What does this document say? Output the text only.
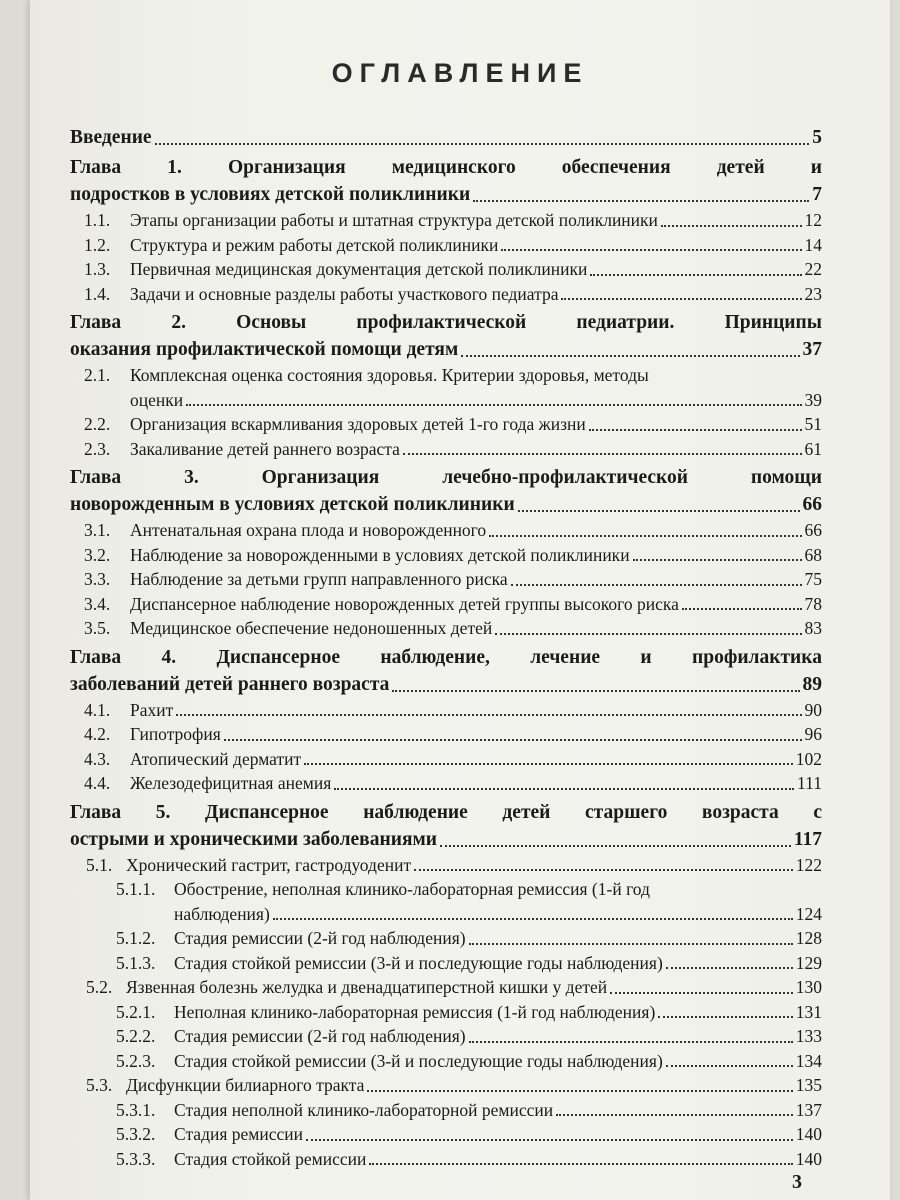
ОГЛАВЛЕНИЕ
Введение	5
Глава 1. Организация медицинского обеспечения детей и
подростков в условиях детской поликлиники	7
1.1. Этапы организации работы и штатная структура детской поликлиники	12
1.2. Структура и режим работы детской поликлиники	14
1.3. Первичная медицинская документация детской поликлиники	22
1.4. Задачи и основные разделы работы участкового педиатра	23
Глава 2. Основы профилактической педиатрии. Принципы
оказания профилактической помощи детям	37
2.1. Комплексная оценка состояния здоровья. Критерии здоровья, методы
оценки	39
2.2. Организация вскармливания здоровых детей 1-го года жизни	51
2.3. Закаливание детей раннего возраста	61
Глава 3. Организация лечебно-профилактической помощи
новорожденным в условиях детской поликлиники	66
3.1. Антенатальная охрана плода и новорожденного	66
3.2. Наблюдение за новорожденными в условиях детской поликлиники	68
3.3. Наблюдение за детьми групп направленного риска	75
3.4. Диспансерное наблюдение новорожденных детей группы высокого риска	78
3.5. Медицинское обеспечение недоношенных детей	83
Глава 4. Диспансерное наблюдение, лечение и профилактика
заболеваний детей раннего возраста	89
4.1. Рахит	90
4.2. Гипотрофия	96
4.3. Атопический дерматит	102
4.4. Железодефицитная анемия	111
Глава 5. Диспансерное наблюдение детей старшего возраста с
острыми и хроническими заболеваниями	117
5.1. Хронический гастрит, гастродуоденит	122
5.1.1. Обострение, неполная клинико-лабораторная ремиссия (1-й год
наблюдения)	124
5.1.2. Стадия ремиссии (2-й год наблюдения)	128
5.1.3. Стадия стойкой ремиссии (3-й и последующие годы наблюдения)	129
5.2. Язвенная болезнь желудка и двенадцатиперстной кишки у детей	130
5.2.1. Неполная клинико-лабораторная ремиссия (1-й год наблюдения)	131
5.2.2. Стадия ремиссии (2-й год наблюдения)	133
5.2.3. Стадия стойкой ремиссии (3-й и последующие годы наблюдения)	134
5.3. Дисфункции билиарного тракта	135
5.3.1. Стадия неполной клинико-лабораторной ремиссии	137
5.3.2. Стадия ремиссии	140
5.3.3. Стадия стойкой ремиссии	140
3
